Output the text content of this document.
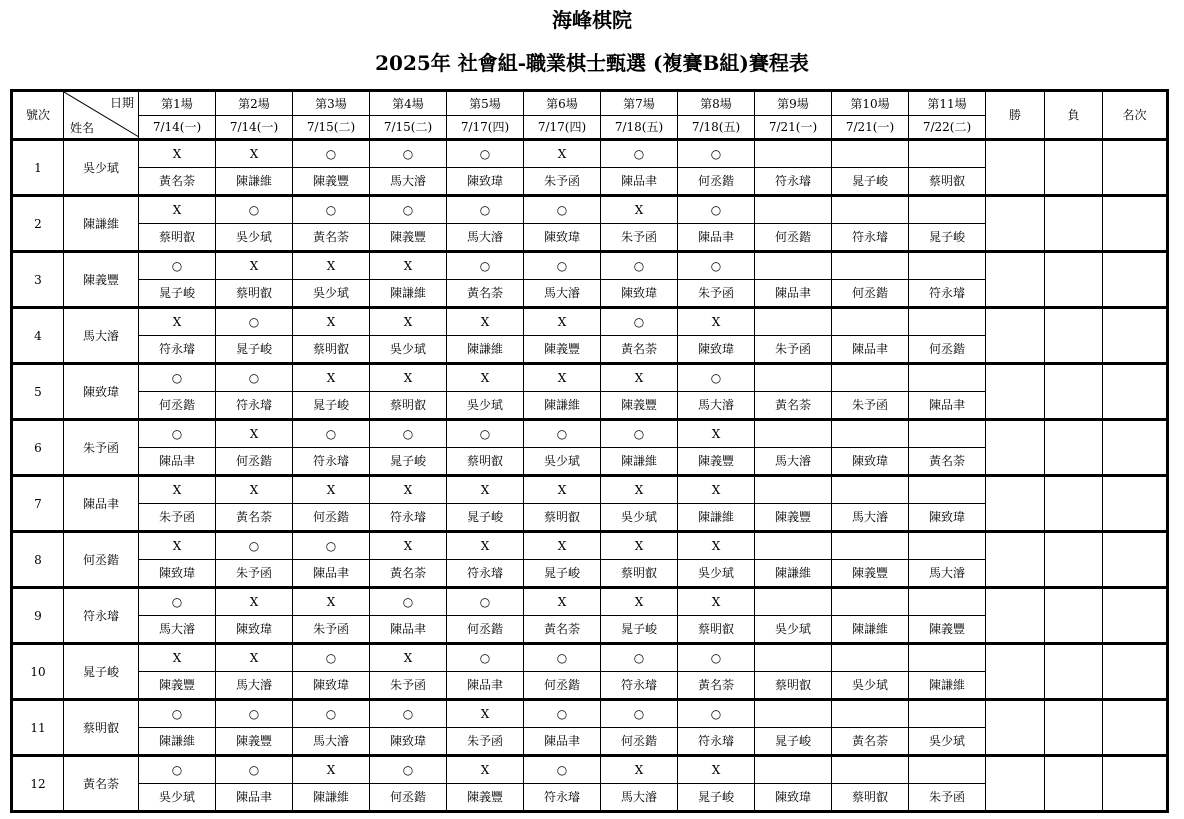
海峰棋院
2025年 社會組-職業棋士甄選 (複賽B組)賽程表
號次	日期
姓名	第1場	第2場	第3場	第4場	第5場	第6場	第7場	第8場	第9場	第10場	第11場	勝	負	名次
		7/14(一)	7/14(一)	7/15(二)	7/15(二)	7/17(四)	7/17(四)	7/18(五)	7/18(五)	7/21(一)	7/21(一)	7/22(二)			
1	吳少珷	X	X	○	○	○	X	○	○						
		黃名荼	陳謙維	陳義豐	馬大濬	陳致瑋	朱予函	陳品聿	何丞鍇	符永璿	晁子峻	蔡明叡			
2	陳謙維	X	○	○	○	○	○	X	○						
		蔡明叡	吳少珷	黃名荼	陳義豐	馬大濬	陳致瑋	朱予函	陳品聿	何丞鍇	符永璿	晁子峻			
3	陳義豐	○	X	X	X	○	○	○	○						
		晁子峻	蔡明叡	吳少珷	陳謙維	黃名荼	馬大濬	陳致瑋	朱予函	陳品聿	何丞鍇	符永璿			
4	馬大濬	X	○	X	X	X	X	○	X						
		符永璿	晁子峻	蔡明叡	吳少珷	陳謙維	陳義豐	黃名荼	陳致瑋	朱予函	陳品聿	何丞鍇			
5	陳致瑋	○	○	X	X	X	X	X	○						
		何丞鍇	符永璿	晁子峻	蔡明叡	吳少珷	陳謙維	陳義豐	馬大濬	黃名荼	朱予函	陳品聿			
6	朱予函	○	X	○	○	○	○	○	X						
		陳品聿	何丞鍇	符永璿	晁子峻	蔡明叡	吳少珷	陳謙維	陳義豐	馬大濬	陳致瑋	黃名荼			
7	陳品聿	X	X	X	X	X	X	X	X						
		朱予函	黃名荼	何丞鍇	符永璿	晁子峻	蔡明叡	吳少珷	陳謙維	陳義豐	馬大濬	陳致瑋			
8	何丞鍇	X	○	○	X	X	X	X	X						
		陳致瑋	朱予函	陳品聿	黃名荼	符永璿	晁子峻	蔡明叡	吳少珷	陳謙維	陳義豐	馬大濬			
9	符永璿	○	X	X	○	○	X	X	X						
		馬大濬	陳致瑋	朱予函	陳品聿	何丞鍇	黃名荼	晁子峻	蔡明叡	吳少珷	陳謙維	陳義豐			
10	晁子峻	X	X	○	X	○	○	○	○						
		陳義豐	馬大濬	陳致瑋	朱予函	陳品聿	何丞鍇	符永璿	黃名荼	蔡明叡	吳少珷	陳謙維			
11	蔡明叡	○	○	○	○	X	○	○	○						
		陳謙維	陳義豐	馬大濬	陳致瑋	朱予函	陳品聿	何丞鍇	符永璿	晁子峻	黃名荼	吳少珷			
12	黃名荼	○	○	X	○	X	○	X	X						
		吳少珷	陳品聿	陳謙維	何丞鍇	陳義豐	符永璿	馬大濬	晁子峻	陳致瑋	蔡明叡	朱予函			
